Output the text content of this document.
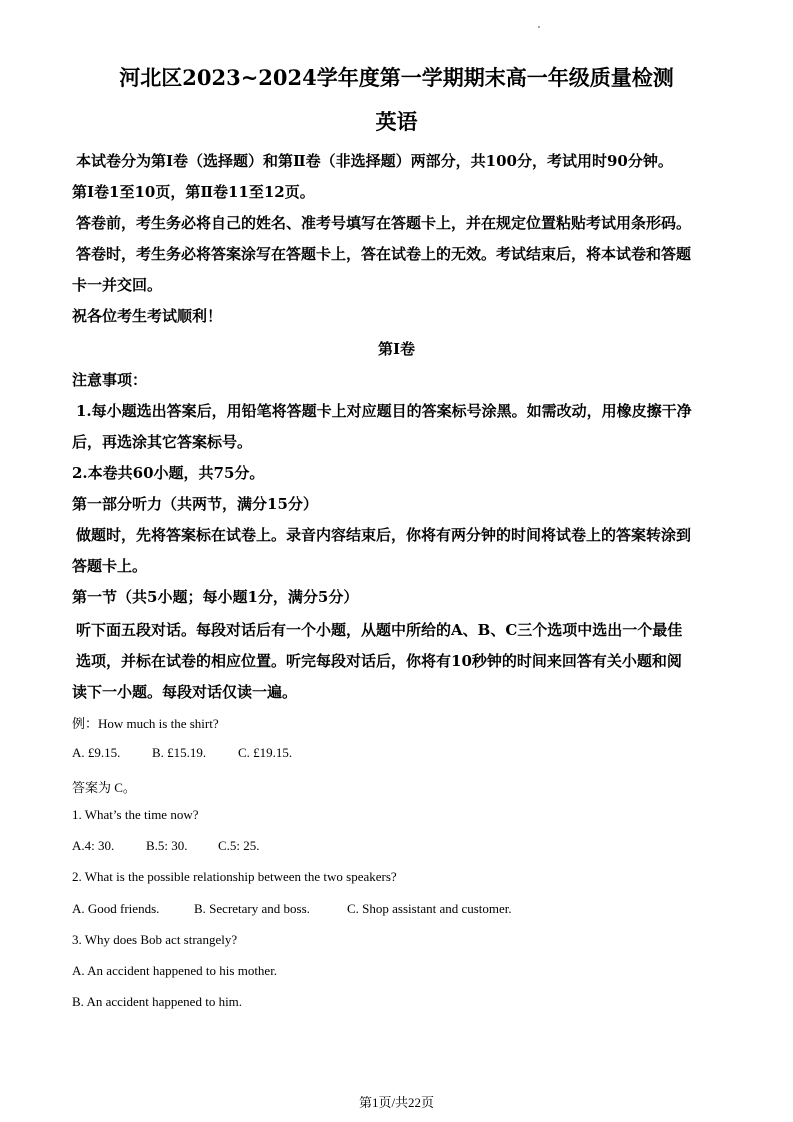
河北区2023~2024学年度第一学期期末高一年级质量检测
英语
本试卷分为第Ⅰ卷（选择题）和第Ⅱ卷（非选择题）两部分，共100分，考试用时90分钟。
第Ⅰ卷1至10页，第Ⅱ卷11至12页。
答卷前，考生务必将自己的姓名、准考号填写在答题卡上，并在规定位置粘贴考试用条形码。
答卷时，考生务必将答案涂写在答题卡上，答在试卷上的无效。考试结束后，将本试卷和答题
卡一并交回。
祝各位考生考试顺利！
第Ⅰ卷
注意事项：
1.每小题选出答案后，用铅笔将答题卡上对应题目的答案标号涂黑。如需改动，用橡皮擦干净
后，再选涂其它答案标号。
2.本卷共60小题，共75分。
第一部分听力（共两节，满分15分）
做题时，先将答案标在试卷上。录音内容结束后，你将有两分钟的时间将试卷上的答案转涂到
答题卡上。
第一节（共5小题；每小题1分，满分5分）
听下面五段对话。每段对话后有一个小题，从题中所给的A、B、C三个选项中选出一个最佳
选项，并标在试卷的相应位置。听完每段对话后，你将有10秒钟的时间来回答有关小题和阅
读下一小题。每段对话仅读一遍。
例：How much is the shirt?
A. £9.15. B. £15.19. C. £19.15.
答案为 C。
1. What’s the time now?
A.4: 30. B.5: 30. C.5: 25.
2. What is the possible relationship between the two speakers?
A. Good friends.	B. Secretary and boss.	C. Shop assistant and customer.
3. Why does Bob act strangely?
A. An accident happened to his mother.
B. An accident happened to him.
第1页/共22页
